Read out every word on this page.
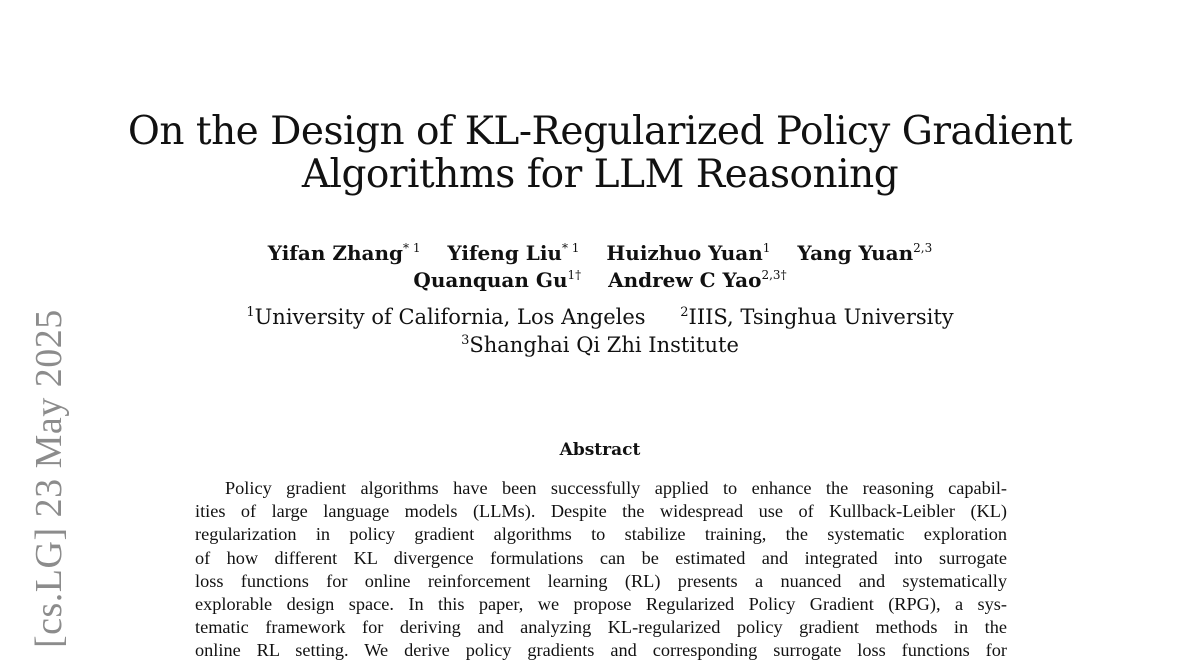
[cs.LG] 23 May 2025
On the Design of KL-Regularized Policy Gradient
Algorithms for LLM Reasoning
Yifan Zhang$^{* 1}$ Yifeng Liu$^{* 1}$ Huizhuo Yuan$^1$ Yang Yuan$^{2,3}$
Quanquan $Gu^{1\dagger}$ Andrew C Yao$^{2,3\dagger}$
$^1$University of California, Los Angeles	$^2$IIIS, Tsinghua University
$^3$Shanghai Qi Zhi Institute
Abstract
Policy gradient algorithms have been successfully applied to enhance the reasoning capabil-
ities of large language models (LLMs). Despite the widespread use of Kullback-Leibler (KL)
regularization in policy gradient algorithms to stabilize training, the systematic exploration
of how different KL divergence formulations can be estimated and integrated into surrogate
loss functions for online reinforcement learning (RL) presents a nuanced and systematically
explorable design space. In this paper, we propose Regularized Policy Gradient (RPG), a sys-
tematic framework for deriving and analyzing KL-regularized policy gradient methods in the
online RL setting. We derive policy gradients and corresponding surrogate loss functions for
